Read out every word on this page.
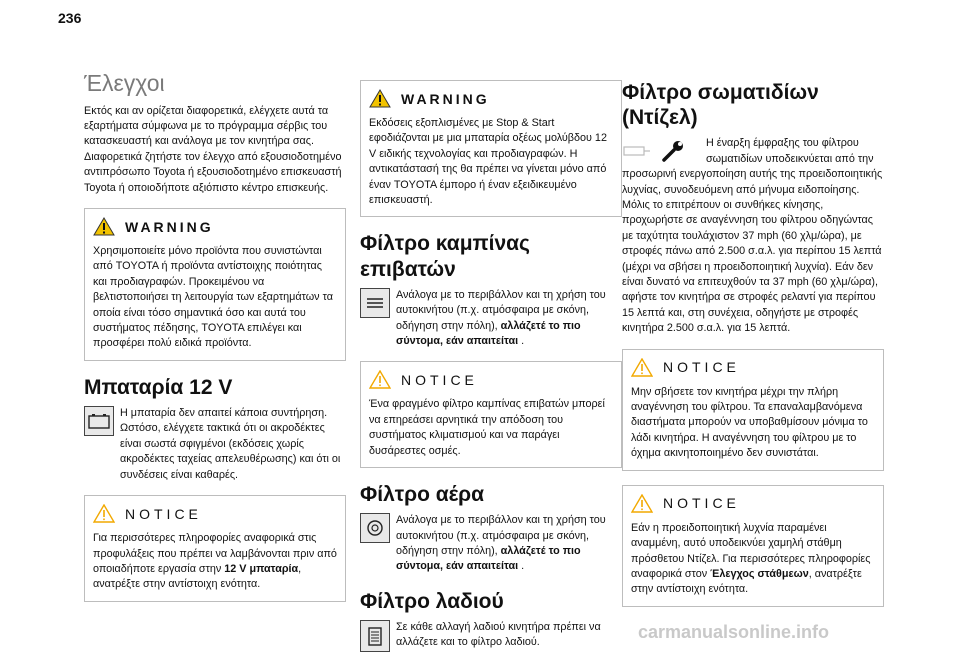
236
Έλεγχοι

Εκτός και αν ορίζεται διαφορετικά, ελέγχετε αυτά τα εξαρτήματα σύμφωνα με το πρόγραμμα σέρβις του κατασκευαστή και ανάλογα με τον κινητήρα σας. Διαφορετικά ζητήστε τον έλεγχο από εξουσιοδοτημένο αντιπρόσωπο Toyota ή εξουσιοδοτημένο επισκευαστή Toyota ή οποιοδήποτε αξιόπιστο κέντρο επισκευής.

WARNING

Χρησιμοποιείτε μόνο προϊόντα που συνιστώνται από TOYOTA ή προϊόντα αντίστοιχης ποιότητας και προδιαγραφών. Προκειμένου να βελτιστοποιήσει τη λειτουργία των εξαρτημάτων τα οποία είναι τόσο σημαντικά όσο και αυτά του συστήματος πέδησης, TOYOTA επιλέγει και προσφέρει πολύ ειδικά προϊόντα.

Μπαταρία 12 V

Η μπαταρία δεν απαιτεί κάποια συντήρηση. Ωστόσο, ελέγχετε τακτικά ότι οι ακροδέκτες είναι σωστά σφιγμένοι (εκδόσεις χωρίς ακροδέκτες ταχείας απελευθέρωσης) και ότι οι συνδέσεις είναι καθαρές.

NOTICE

Για περισσότερες πληροφορίες αναφορικά στις προφυλάξεις που πρέπει να λαμβάνονται πριν από οποιαδήποτε εργασία στην 12 V μπαταρία, ανατρέξτε στην αντίστοιχη ενότητα.

WARNING

Εκδόσεις εξοπλισμένες με Stop & Start εφοδιάζονται με μια μπαταρία οξέως μολύβδου 12 V ειδικής τεχνολογίας και προδιαγραφών. Η αντικατάστασή της θα πρέπει να γίνεται μόνο από έναν TOYOTA έμπορο ή έναν εξειδικευμένο επισκευαστή.

Φίλτρο καμπίνας επιβατών

Ανάλογα με το περιβάλλον και τη χρήση του αυτοκινήτου (π.χ. ατμόσφαιρα με σκόνη, οδήγηση στην πόλη), αλλάζετέ το πιο σύντομα, εάν απαιτείται .

NOTICE

Ένα φραγμένο φίλτρο καμπίνας επιβατών μπορεί να επηρεάσει αρνητικά την απόδοση του συστήματος κλιματισμού και να παράγει δυσάρεστες οσμές.

Φίλτρο αέρα

Ανάλογα με το περιβάλλον και τη χρήση του αυτοκινήτου (π.χ. ατμόσφαιρα με σκόνη, οδήγηση στην πόλη), αλλάζετέ το πιο σύντομα, εάν απαιτείται .

Φίλτρο λαδιού

Σε κάθε αλλαγή λαδιού κινητήρα πρέπει να αλλάζετε και το φίλτρο λαδιού.

Φίλτρο σωματιδίων (Ντίζελ)

Η έναρξη έμφραξης του φίλτρου σωματιδίων υποδεικνύεται από την προσωρινή ενεργοποίηση αυτής της προειδοποιητικής λυχνίας, συνοδευόμενη από μήνυμα ειδοποίησης. Μόλις το επιτρέπουν οι συνθήκες κίνησης, προχωρήστε σε αναγέννηση του φίλτρου οδηγώντας με ταχύτητα τουλάχιστον 37 mph (60 χλμ/ώρα), με στροφές πάνω από 2.500 σ.α.λ. για περίπου 15 λεπτά (μέχρι να σβήσει η προειδοποιητική λυχνία). Εάν δεν είναι δυνατό να επιτευχθούν τα 37 mph (60 χλμ/ώρα), αφήστε τον κινητήρα σε στροφές ρελαντί για περίπου 15 λεπτά και, στη συνέχεια, οδηγήστε με στροφές κινητήρα 2.500 σ.α.λ. για 15 λεπτά.

NOTICE

Μην σβήσετε τον κινητήρα μέχρι την πλήρη αναγέννηση του φίλτρου. Τα επαναλαμβανόμενα διαστήματα μπορούν να υποβαθμίσουν μόνιμα το λάδι κινητήρα. Η αναγέννηση του φίλτρου με το όχημα ακινητοποιημένο δεν συνιστάται.

NOTICE

Εάν η προειδοποιητική λυχνία παραμένει αναμμένη, αυτό υποδεικνύει χαμηλή στάθμη πρόσθετου Ντίζελ. Για περισσότερες πληροφορίες αναφορικά στον Έλεγχος στάθμεων, ανατρέξτε στην αντίστοιχη ενότητα.

carmanualsonline.info
